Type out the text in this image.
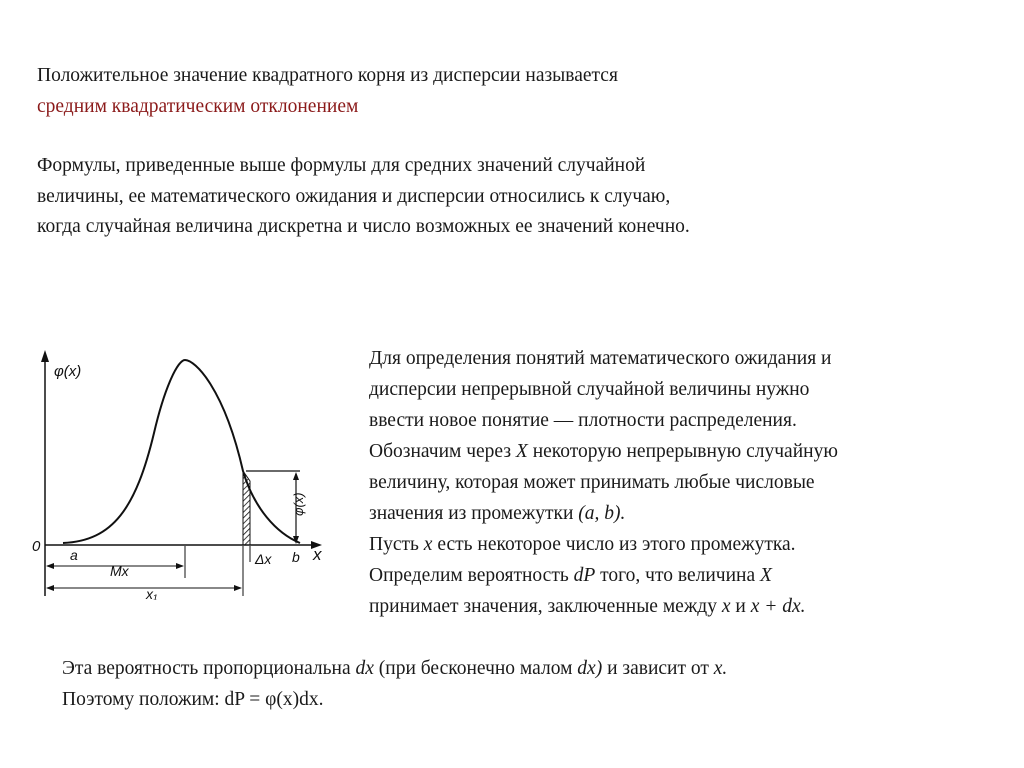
Положительное значение квадратного корня из дисперсии называется
средним квадратическим отклонением

Формулы, приведенные выше формулы для средних значений случайной
величины, ее математического ожидания и дисперсии относились к случаю,
когда случайная величина дискретна и число возможных ее значений конечно.

φ(x)
0 a	b x
Mx
x₁
Δx
φ(x)

Для определения понятий математического ожидания и
дисперсии непрерывной случайной величины нужно
ввести новое понятие — плотности распределения.
Обозначим через X некоторую непрерывную случайную
величину, которая может принимать любые числовые
значения из промежутки (a, b).
Пусть x есть некоторое число из этого промежутка.
Определим вероятность dP того, что величина X
принимает значения, заключенные между x и x + dx.

Эта вероятность пропорциональна dx (при бесконечно малом dx) и зависит от x.
Поэтому положим: dP = φ(x)dx.
